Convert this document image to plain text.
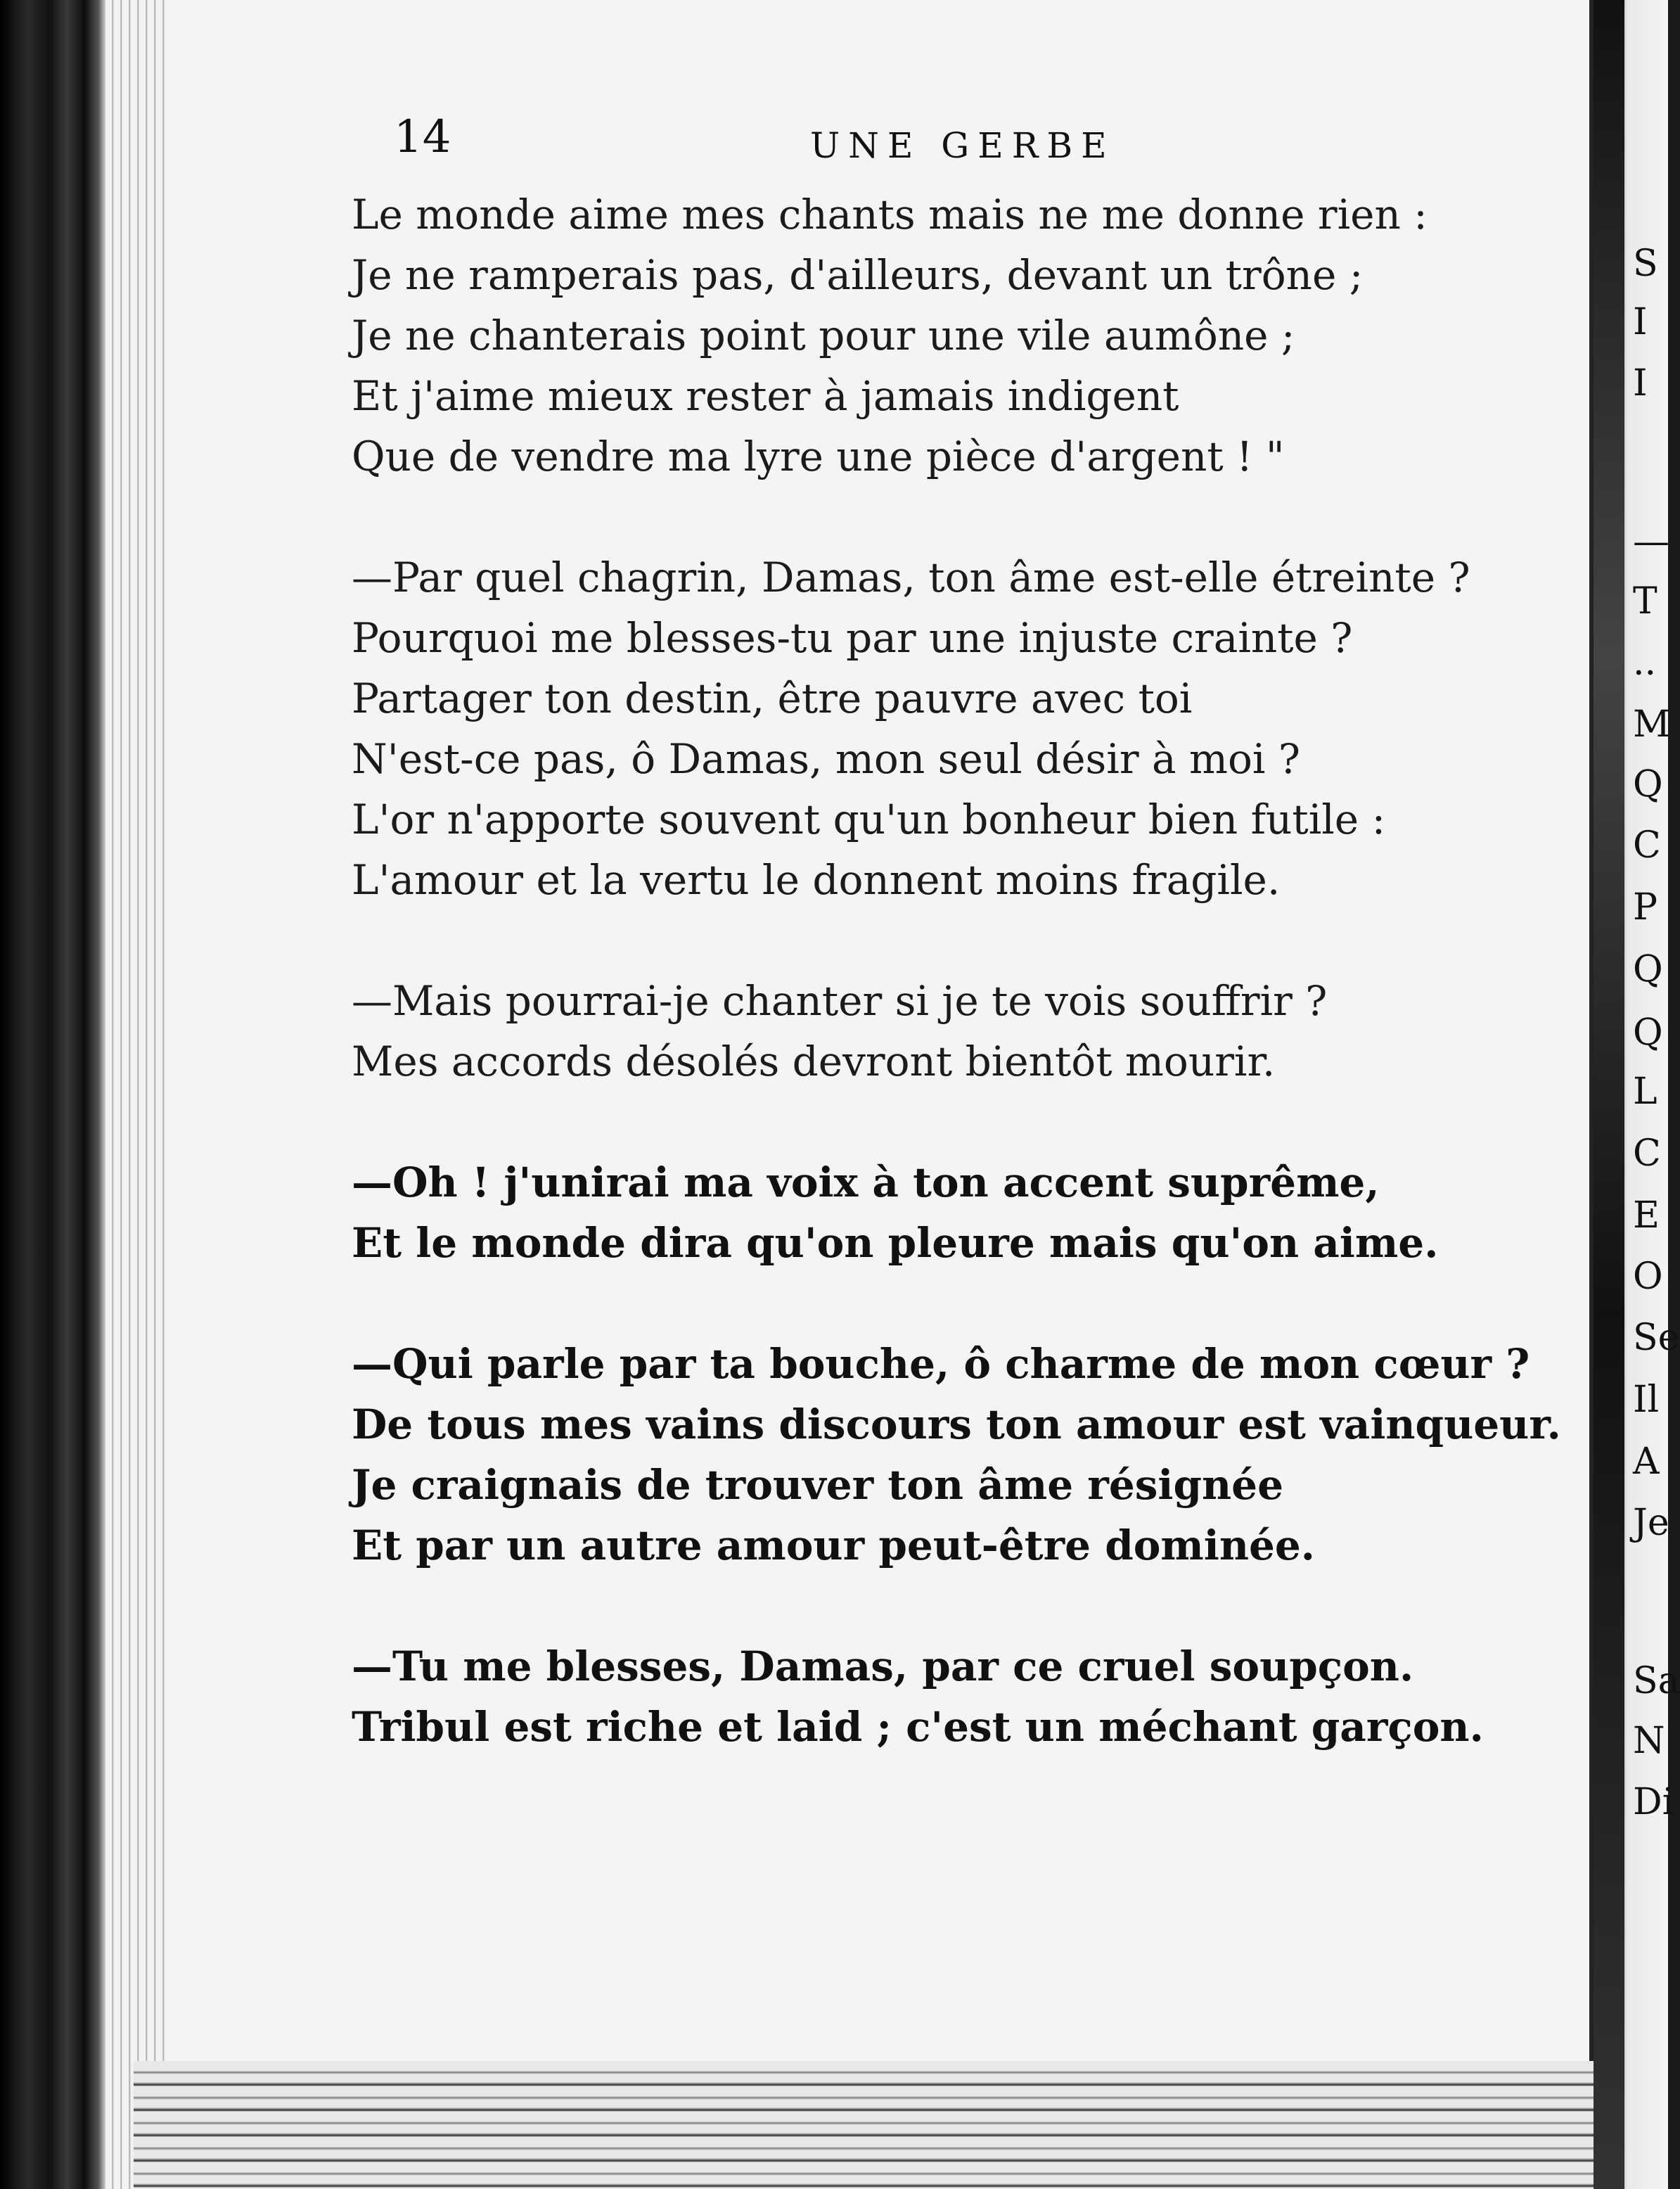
S
I
I
—
T
..
M
Q
C
P
Q
Q
L
C
E
O
Se
Il
A
Je
Sa
N
Di
14	UNE GERBE
Le monde aime mes chants mais ne me donne rien :
Je ne ramperais pas, d'ailleurs, devant un trône ;
Je ne chanterais point pour une vile aumône ;
Et j'aime mieux rester à jamais indigent
Que de vendre ma lyre une pièce d'argent ! "
—Par quel chagrin, Damas, ton âme est-elle étreinte ?
Pourquoi me blesses-tu par une injuste crainte ?
Partager ton destin, être pauvre avec toi
N'est-ce pas, ô Damas, mon seul désir à moi ?
L'or n'apporte souvent qu'un bonheur bien futile :
L'amour et la vertu le donnent moins fragile.
—Mais pourrai-je chanter si je te vois souffrir ?
Mes accords désolés devront bientôt mourir.
—Oh ! j'unirai ma voix à ton accent suprême,
Et le monde dira qu'on pleure mais qu'on aime.
—Qui parle par ta bouche, ô charme de mon cœur ?
De tous mes vains discours ton amour est vainqueur.
Je craignais de trouver ton âme résignée
Et par un autre amour peut-être dominée.
—Tu me blesses, Damas, par ce cruel soupçon.
Tribul est riche et laid ; c'est un méchant garçon.
